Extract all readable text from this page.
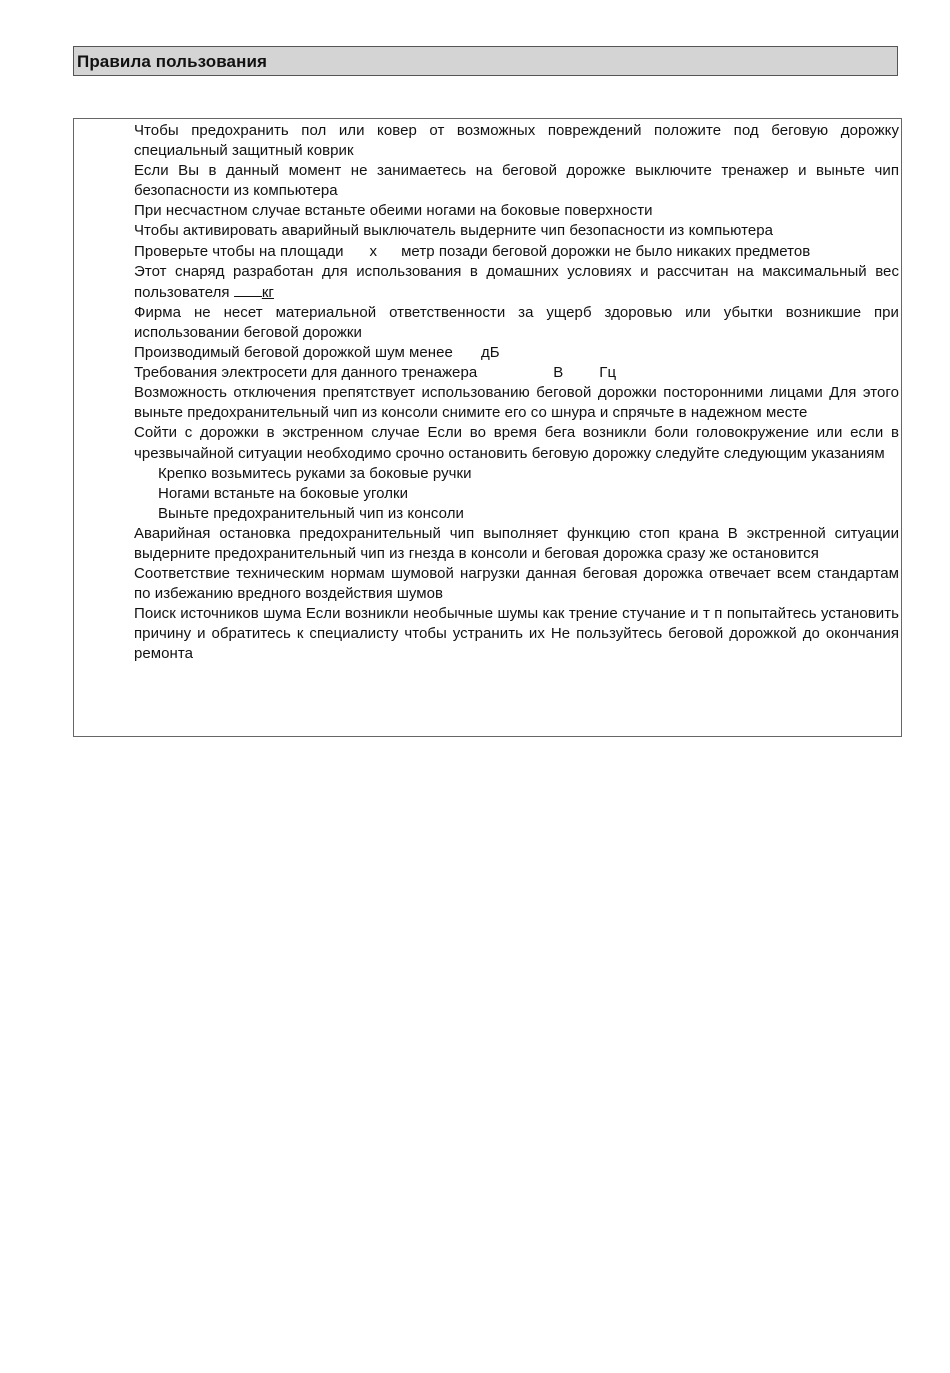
Правила пользования
Чтобы предохранить пол или ковер от возможных повреждений положите под беговую дорожку специальный защитный коврик
Если Вы в данный момент не занимаетесь на беговой дорожке выключите тренажер и выньте чип безопасности из компьютера
При несчастном случае встаньте обеими ногами на боковые поверхности
Чтобы активировать аварийный выключатель выдерните чип безопасности из компьютера
Проверьте чтобы на площади х метр позади беговой дорожки не было никаких предметов
Этот снаряд разработан для использования в домашних условиях и рассчитан на максимальный вес пользователя кг
Фирма не несет материальной ответственности за ущерб здоровью или убытки возникшие при использовании беговой дорожки
Производимый беговой дорожкой шум менее дБ
Требования электросети для данного тренажера	В Гц
Возможность отключения препятствует использованию беговой дорожки посторонними лицами Для этого выньте предохранительный чип из консоли снимите его со шнура и спрячьте в надежном месте
Сойти с дорожки в экстренном случае Если во время бега возникли боли головокружение или если в чрезвычайной ситуации необходимо срочно остановить беговую дорожку следуйте следующим указаниям
Крепко возьмитесь руками за боковые ручки
Ногами встаньте на боковые уголки
Выньте предохранительный чип из консоли
Аварийная остановка предохранительный чип выполняет функцию стоп крана В экстренной ситуации выдерните предохранительный чип из гнезда в консоли и беговая дорожка сразу же остановится
Соответствие техническим нормам шумовой нагрузки данная беговая дорожка отвечает всем стандартам по избежанию вредного воздействия шумов
Поиск источников шума Если возникли необычные шумы как трение стучание и т п попытайтесь установить причину и обратитесь к специалисту чтобы устранить их Не пользуйтесь беговой дорожкой до окончания ремонта
